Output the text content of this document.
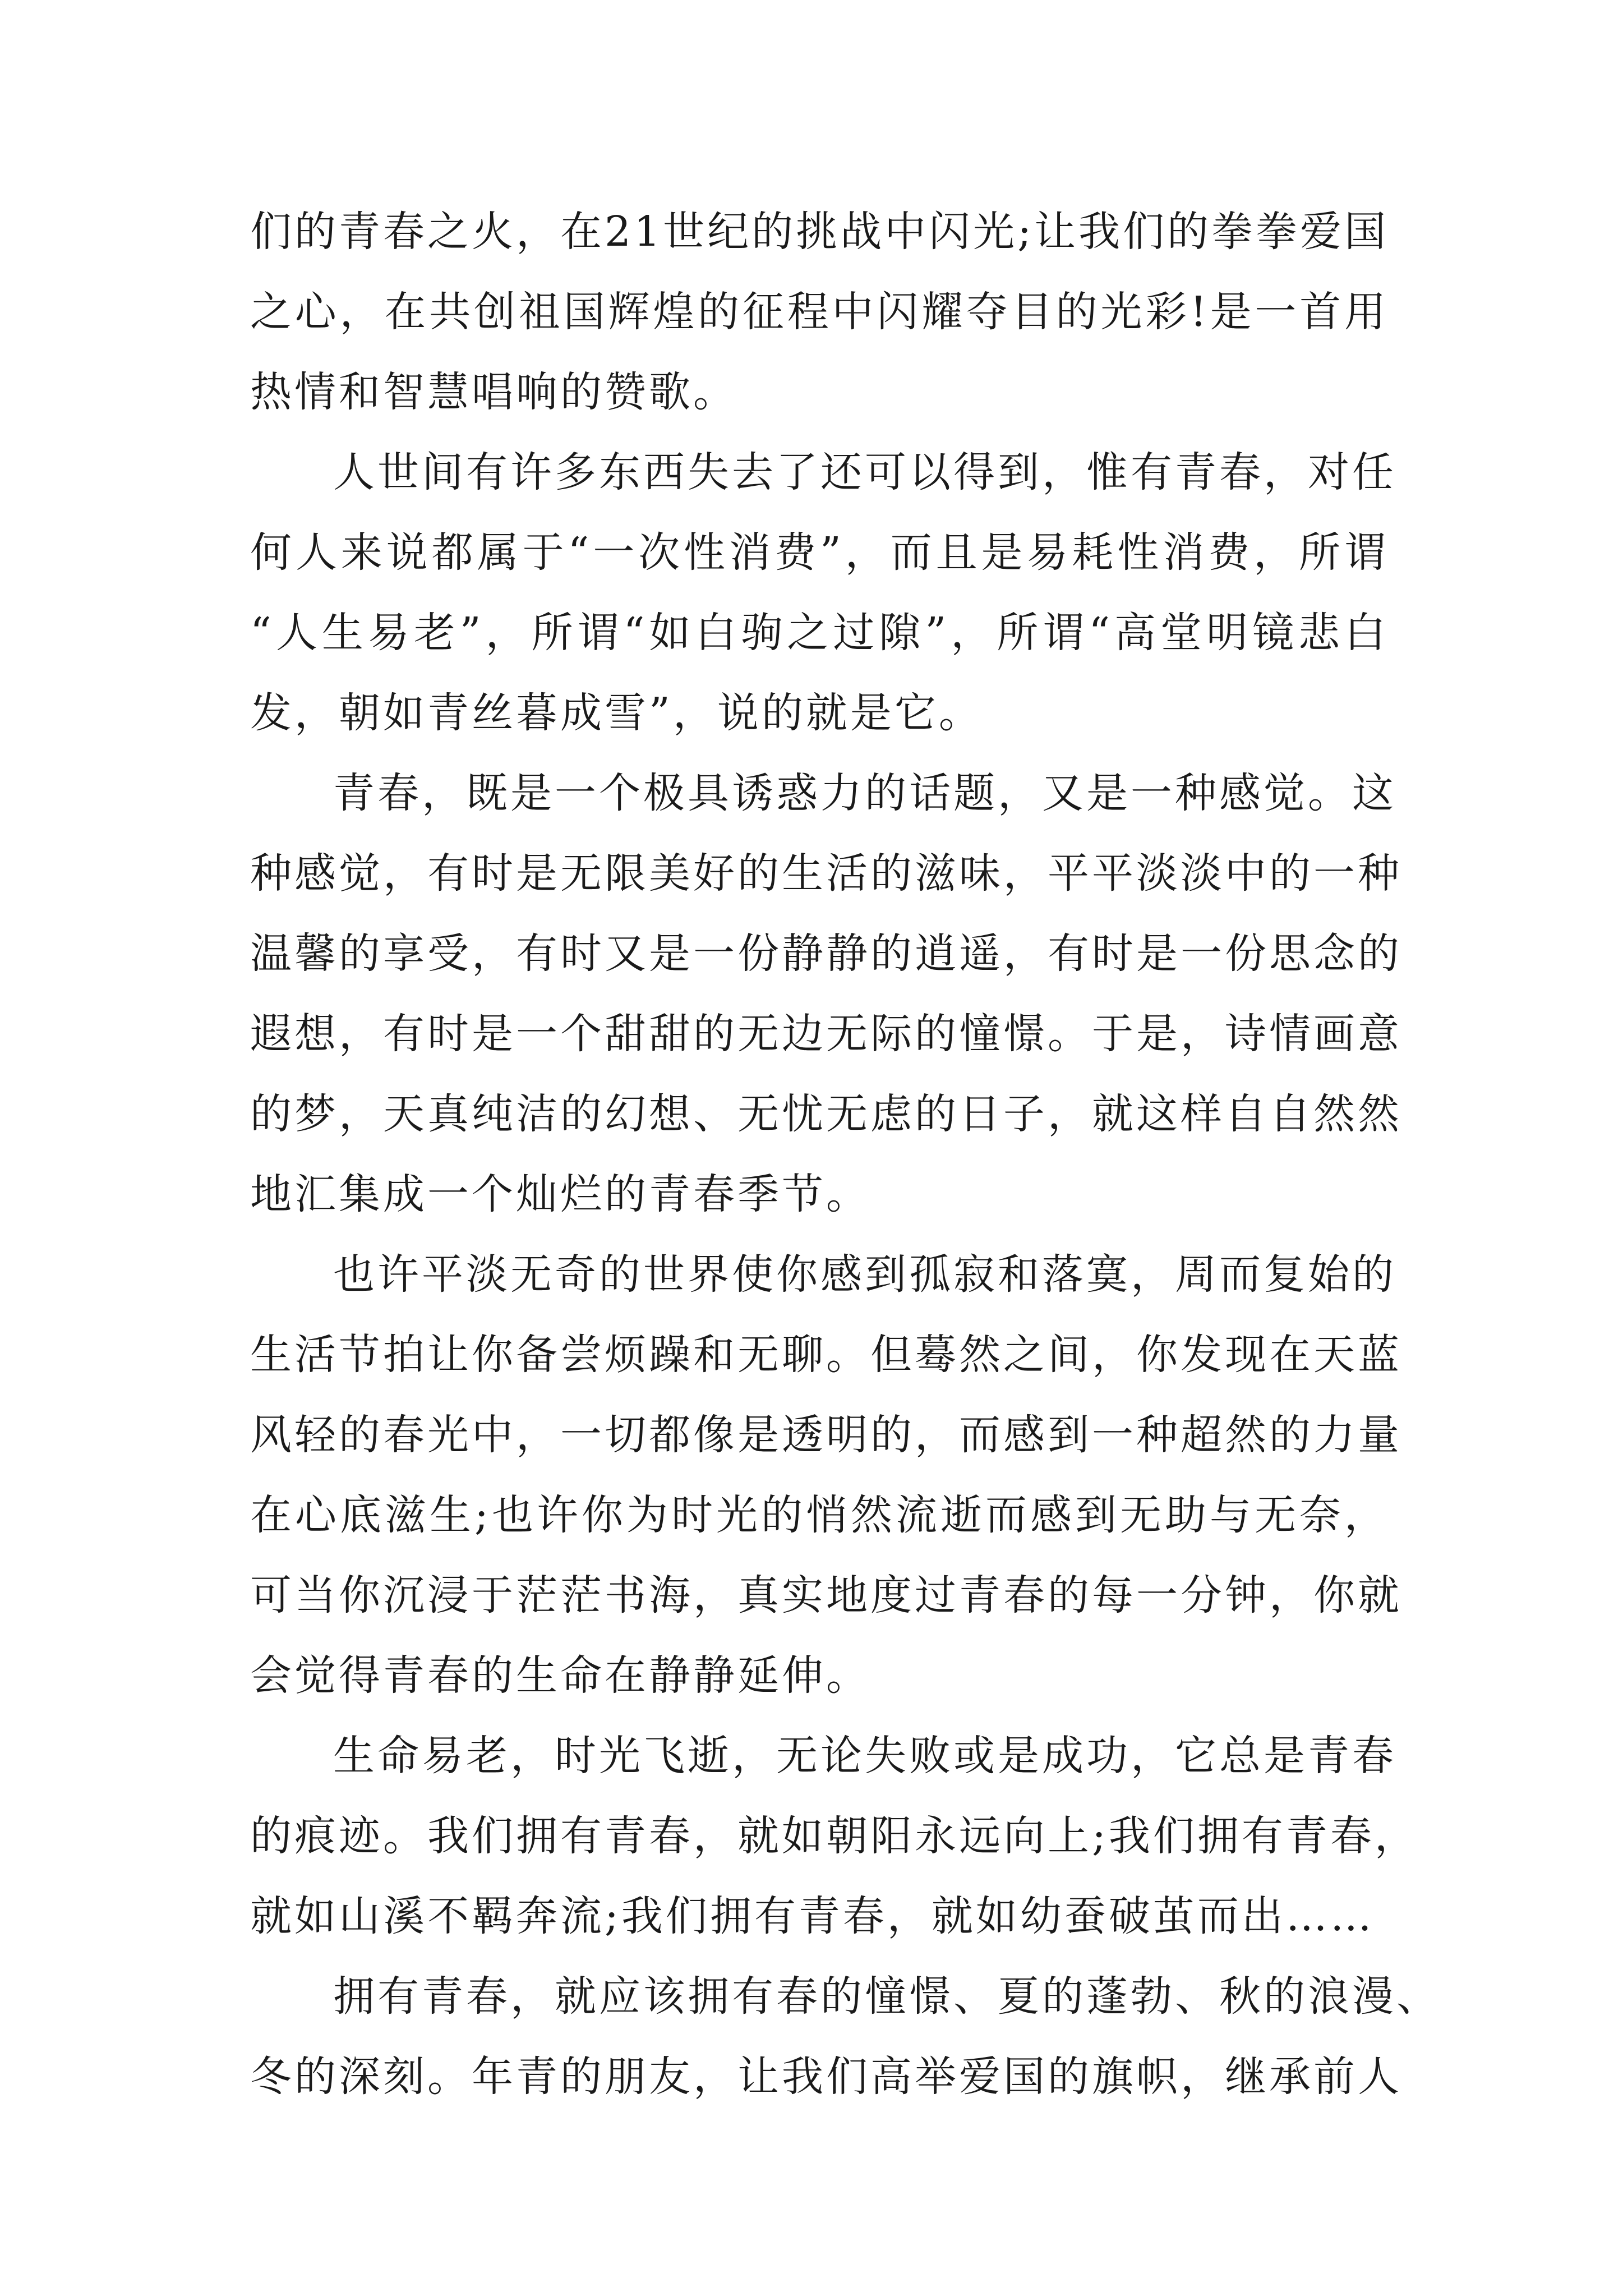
们的青春之火，在21世纪的挑战中闪光;让我们的拳拳爱国
之心，在共创祖国辉煌的征程中闪耀夺目的光彩!是一首用
热情和智慧唱响的赞歌。
人世间有许多东西失去了还可以得到，惟有青春，对任
何人来说都属于“一次性消费”，而且是易耗性消费，所谓
“人生易老”，所谓“如白驹之过隙”，所谓“高堂明镜悲白
发，朝如青丝暮成雪”，说的就是它。
青春，既是一个极具诱惑力的话题，又是一种感觉。这
种感觉，有时是无限美好的生活的滋味，平平淡淡中的一种
温馨的享受，有时又是一份静静的逍遥，有时是一份思念的
遐想，有时是一个甜甜的无边无际的憧憬。于是，诗情画意
的梦，天真纯洁的幻想、无忧无虑的日子，就这样自自然然
地汇集成一个灿烂的青春季节。
也许平淡无奇的世界使你感到孤寂和落寞，周而复始的
生活节拍让你备尝烦躁和无聊。但蓦然之间，你发现在天蓝
风轻的春光中，一切都像是透明的，而感到一种超然的力量
在心底滋生;也许你为时光的悄然流逝而感到无助与无奈，
可当你沉浸于茫茫书海，真实地度过青春的每一分钟，你就
会觉得青春的生命在静静延伸。
生命易老，时光飞逝，无论失败或是成功，它总是青春
的痕迹。我们拥有青春，就如朝阳永远向上;我们拥有青春，
就如山溪不羁奔流;我们拥有青春，就如幼蚕破茧而出……
拥有青春，就应该拥有春的憧憬、夏的蓬勃、秋的浪漫、
冬的深刻。年青的朋友，让我们高举爱国的旗帜，继承前人
